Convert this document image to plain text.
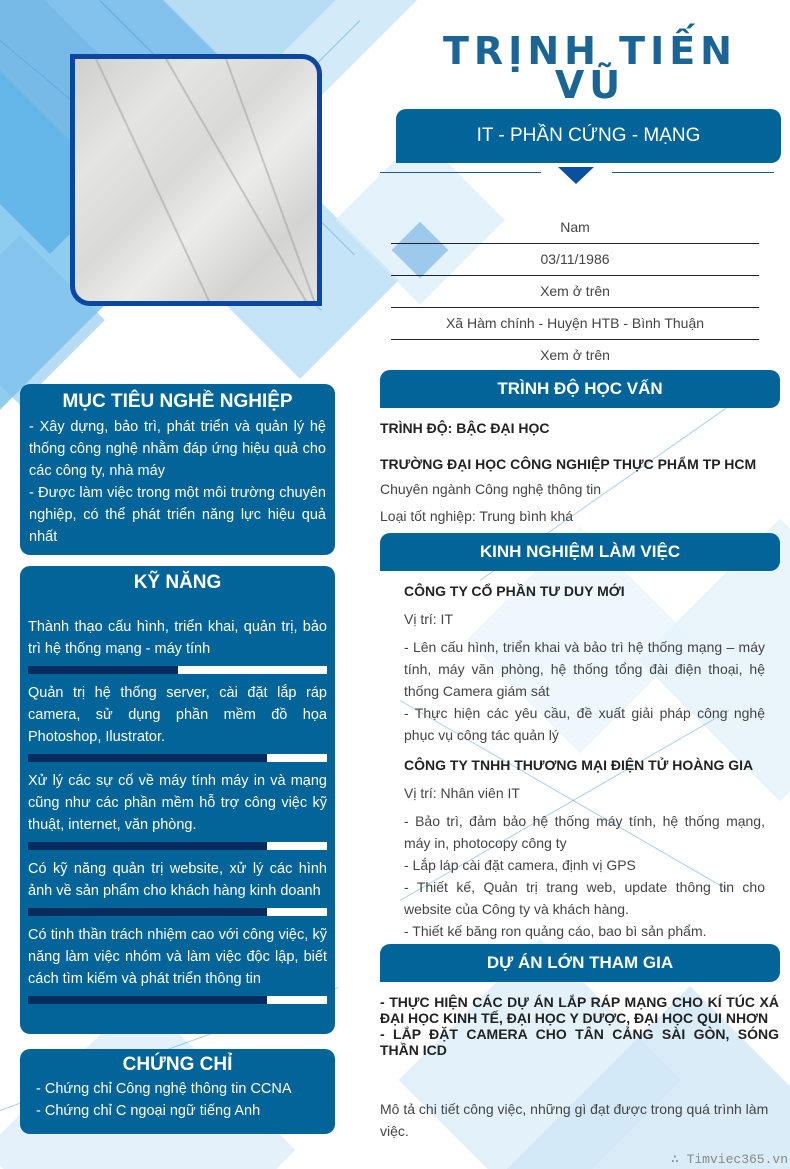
TRỊNH TIẾN
VŨ
IT - PHẦN CỨNG - MẠNG
Nam
03/11/1986
Xem ở trên
Xã Hàm chính - Huyện HTB - Bình Thuận
Xem ở trên
MỤC TIÊU NGHỀ NGHIỆP

- Xây dựng, bảo trì, phát triển và quản lý hệ thống công nghệ nhằm đáp ứng hiệu quả cho các công ty, nhà máy

- Được làm việc trong một môi trường chuyên nghiệp, có thể phát triển năng lực hiệu quả nhất

KỸ NĂNG
Thành thạo cấu hình, triển khai, quản trị, bảo trì hệ thống mạng - máy tính
Quản trị hệ thống server, cài đặt lắp ráp camera, sử dụng phần mềm đồ họa Photoshop, Ilustrator.
Xử lý các sự cố về máy tính máy in và mạng cũng như các phần mềm hỗ trợ công việc kỹ thuật, internet, văn phòng.
Có kỹ năng quản trị website, xử lý các hình ảnh về sản phẩm cho khách hàng kinh doanh
Có tinh thần trách nhiệm cao với công việc, kỹ năng làm việc nhóm và làm việc độc lập, biết cách tìm kiếm và phát triển thông tin
CHỨNG CHỈ

- Chứng chỉ Công nghệ thông tin CCNA

- Chứng chỉ C ngoại ngữ tiếng Anh

TRÌNH ĐỘ HỌC VẤN
TRÌNH ĐỘ: BẬC ĐẠI HỌC
TRƯỜNG ĐẠI HỌC CÔNG NGHIỆP THỰC PHẨM TP HCM
Chuyên ngành Công nghệ thông tin
Loại tốt nghiệp: Trung bình khá
KINH NGHIỆM LÀM VIỆC
CÔNG TY CỔ PHẦN TƯ DUY MỚI
Vị trí: IT
- Lên cấu hình, triển khai và bảo trì hệ thống mạng – máy tính, máy văn phòng, hệ thống tổng đài điện thoại, hệ thống Camera giám sát
- Thực hiện các yêu cầu, đề xuất giải pháp công nghệ phục vụ công tác quản lý
CÔNG TY TNHH THƯƠNG MẠI ĐIỆN TỬ HOÀNG GIA
Vị trí: Nhân viên IT
- Bảo trì, đảm bảo hệ thống máy tính, hệ thống mạng, máy in, photocopy công ty
- Lắp láp cài đặt camera, định vị GPS
- Thiết kế, Quản trị trang web, update thông tin cho website của Công ty và khách hàng.
- Thiết kế băng ron quảng cáo, bao bì sản phẩm.
DỰ ÁN LỚN THAM GIA
- THỰC HIỆN CÁC DỰ ÁN LẮP RÁP MẠNG CHO KÍ TÚC XÁ ĐẠI HỌC KINH TẾ, ĐẠI HỌC Y DƯỢC, ĐẠI HỌC QUI NHƠN
- LẮP ĐẶT CAMERA CHO TÂN CẢNG SÀI GÒN, SÓNG THẦN ICD
Mô tả chi tiết công việc, những gì đạt được trong quá trình làm việc.
∴ Timviec365.vn
